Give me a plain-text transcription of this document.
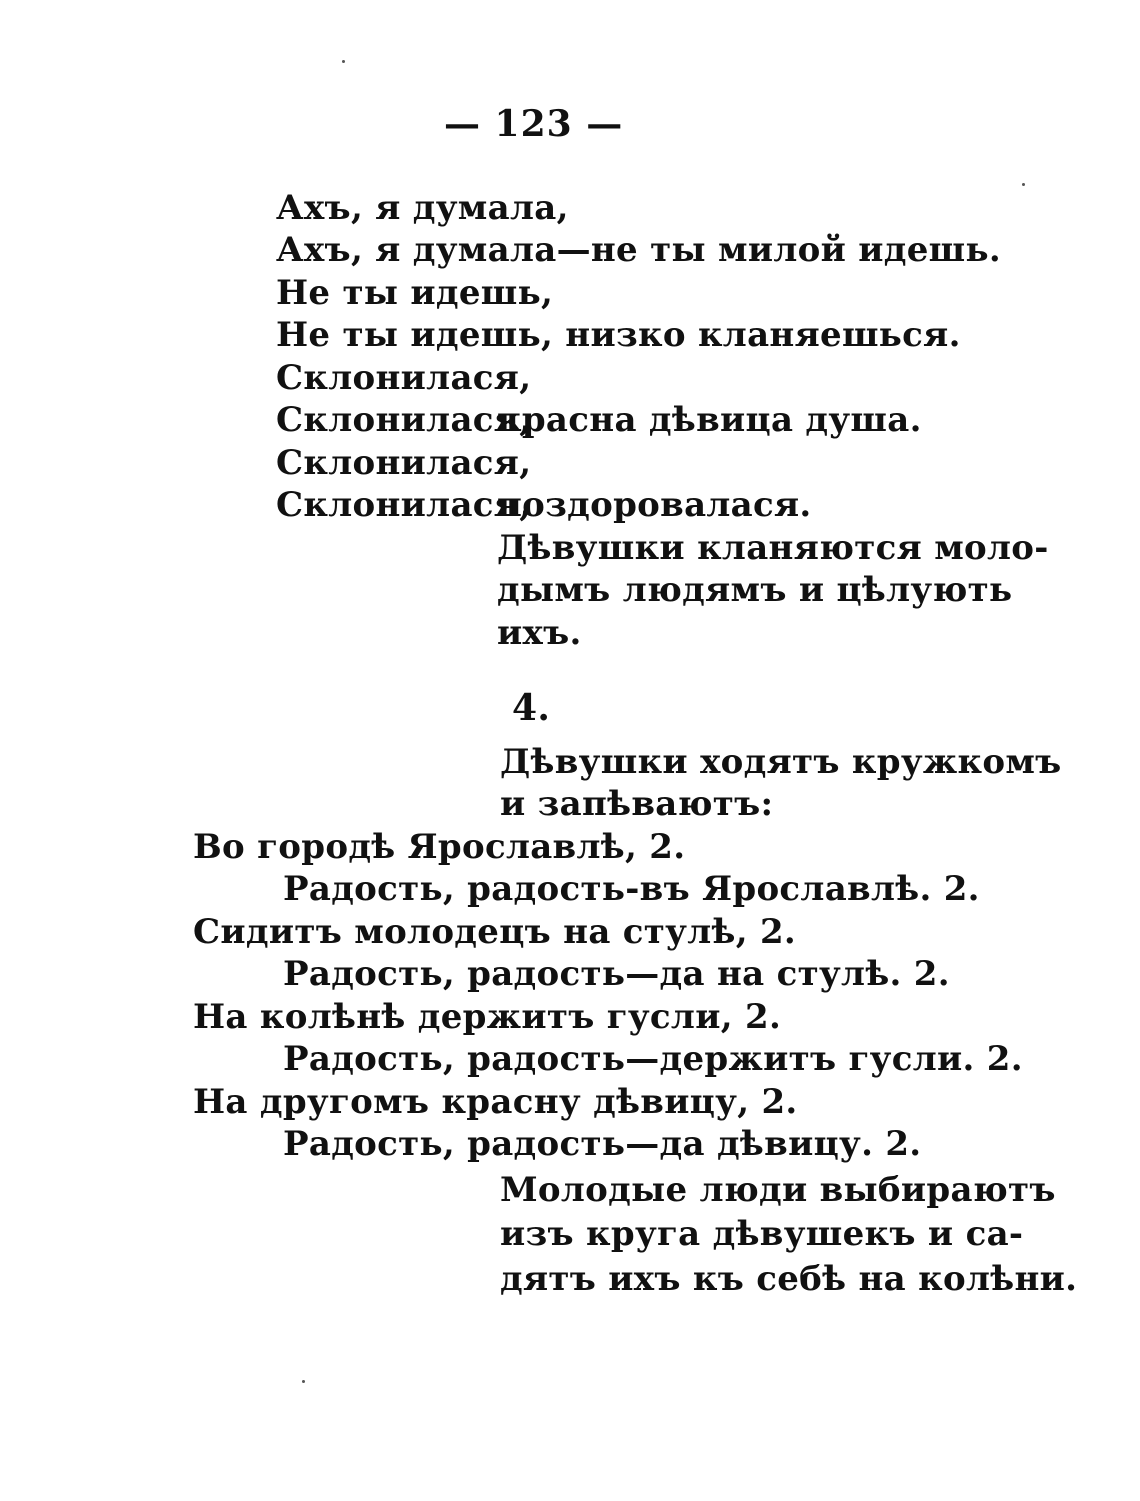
— 123 —
Ахъ, я думала,
Ахъ, я думала—не ты милой идешь.
Не ты идешь,
Не ты идешь, низко кланяешься.
Склонилася,
Склонилася,
красна дѣвица душа.
Склонилася,
Склонилася,
поздоровалася.
Дѣвушки кланяются моло-
дымъ людямъ и цѣлують
ихъ.
4.
Дѣвушки ходятъ кружкомъ
и запѣваютъ:
Во городѣ Ярославлѣ, 2.
Радость, радость-въ Ярославлѣ. 2.
Сидитъ молодецъ на стулѣ, 2.
Радость, радость—да на стулѣ. 2.
На колѣнѣ держитъ гусли, 2.
Радость, радость—держитъ гусли. 2.
На другомъ красну дѣвицу, 2.
Радость, радость—да дѣвицу. 2.
Молодые люди выбираютъ
изъ круга дѣвушекъ и са-
дятъ ихъ къ себѣ на колѣни.
